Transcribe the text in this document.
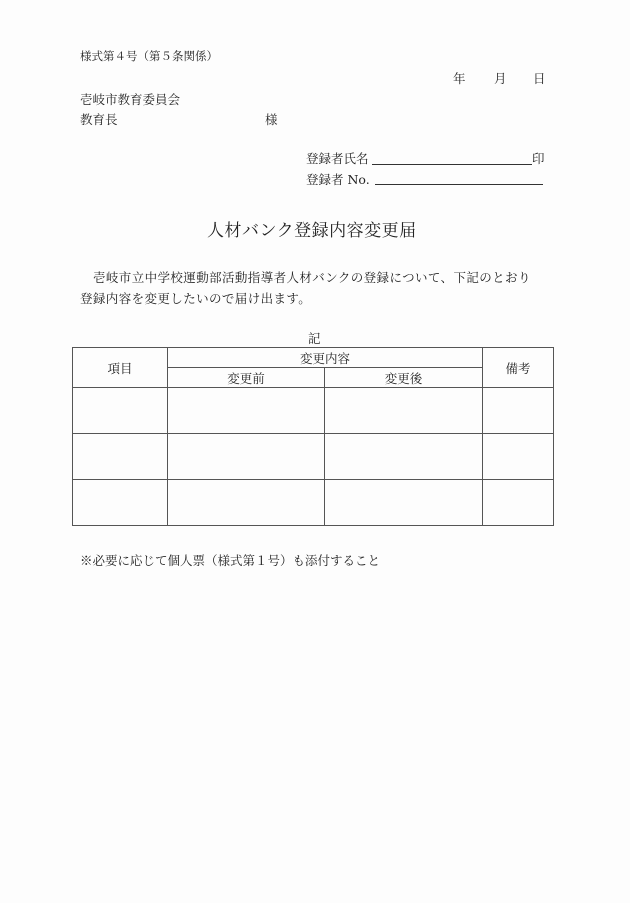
様式第４号（第５条関係）
年 月 日
壱岐市教育委員会
教育長	様
登録者氏名	印
登録者 No.
人材バンク登録内容変更届
壱岐市立中学校運動部活動指導者人材バンクの登録について、下記のとおり
登録内容を変更したいので届け出ます。
記
項目	変更内容		備考
	変更前	変更後	

※必要に応じて個人票（様式第１号）も添付すること
